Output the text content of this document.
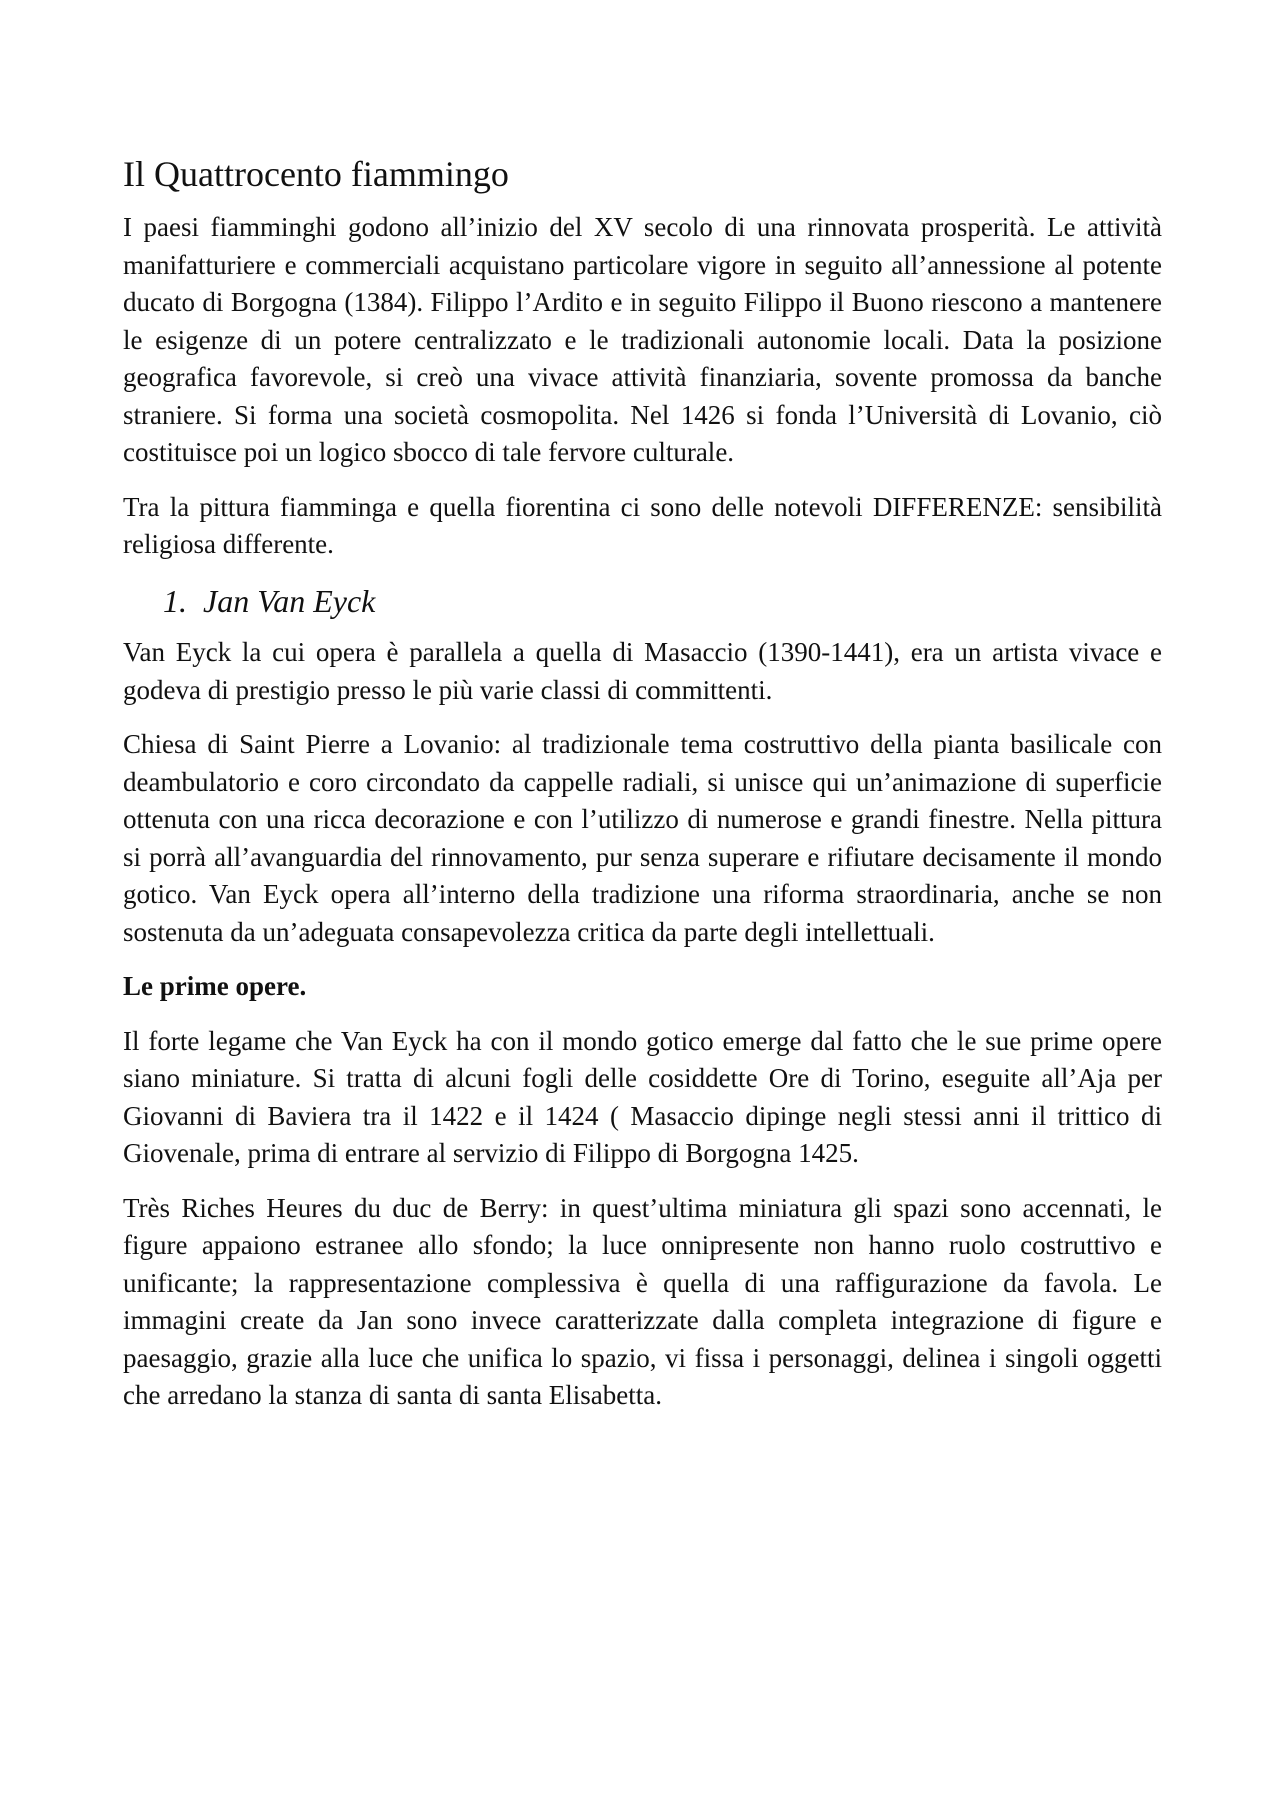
Il Quattrocento fiammingo

I paesi fiamminghi godono all’inizio del XV secolo di una rinnovata prosperità. Le attività manifatturiere e commerciali acquistano particolare vigore in seguito all’annessione al potente ducato di Borgogna (1384). Filippo l’Ardito e in seguito Filippo il Buono riescono a mantenere le esigenze di un potere centralizzato e le tradizionali autonomie locali. Data la posizione geografica favorevole, si creò una vivace attività finanziaria, sovente promossa da banche straniere. Si forma una società cosmopolita. Nel 1426 si fonda l’Università di Lovanio, ciò costituisce poi un logico sbocco di tale fervore culturale.

Tra la pittura fiamminga e quella fiorentina ci sono delle notevoli DIFFERENZE: sensibilità religiosa differente.

1. Jan Van Eyck

Van Eyck la cui opera è parallela a quella di Masaccio (1390-1441), era un artista vivace e godeva di prestigio presso le più varie classi di committenti.

Chiesa di Saint Pierre a Lovanio: al tradizionale tema costruttivo della pianta basilicale con deambulatorio e coro circondato da cappelle radiali, si unisce qui un’animazione di superficie ottenuta con una ricca decorazione e con l’utilizzo di numerose e grandi finestre. Nella pittura si porrà all’avanguardia del rinnovamento, pur senza superare e rifiutare decisamente il mondo gotico. Van Eyck opera all’interno della tradizione una riforma straordinaria, anche se non sostenuta da un’adeguata consapevolezza critica da parte degli intellettuali.

Le prime opere.

Il forte legame che Van Eyck ha con il mondo gotico emerge dal fatto che le sue prime opere siano miniature. Si tratta di alcuni fogli delle cosiddette Ore di Torino, eseguite all’Aja per Giovanni di Baviera tra il 1422 e il 1424 ( Masaccio dipinge negli stessi anni il trittico di Giovenale, prima di entrare al servizio di Filippo di Borgogna 1425.

Très Riches Heures du duc de Berry: in quest’ultima miniatura gli spazi sono accennati, le figure appaiono estranee allo sfondo; la luce onnipresente non hanno ruolo costruttivo e unificante; la rappresentazione complessiva è quella di una raffigurazione da favola. Le immagini create da Jan sono invece caratterizzate dalla completa integrazione di figure e paesaggio, grazie alla luce che unifica lo spazio, vi fissa i personaggi, delinea i singoli oggetti che arredano la stanza di santa di santa Elisabetta.
